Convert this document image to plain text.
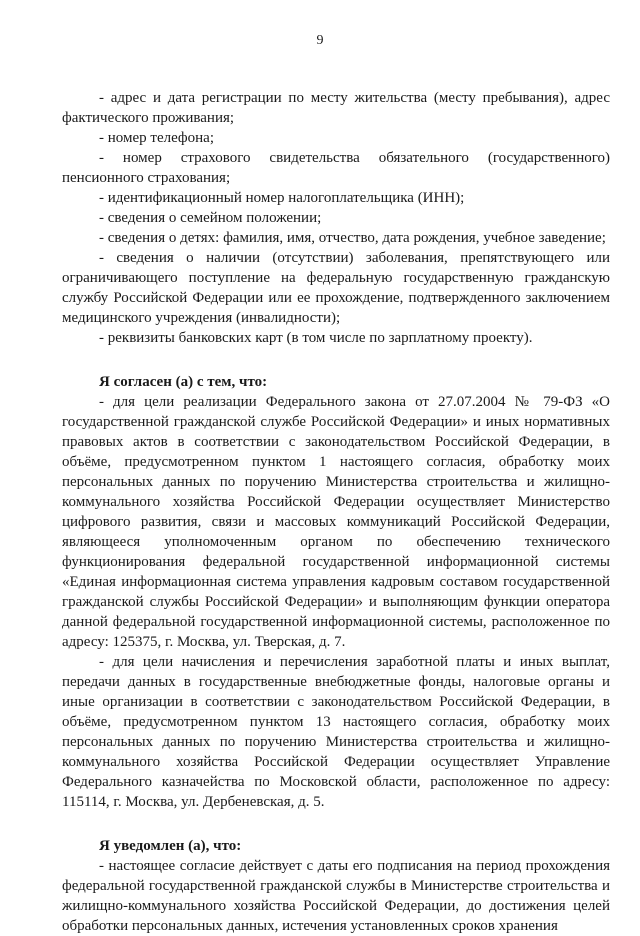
9

- адрес и дата регистрации по месту жительства (месту пребывания), адрес фактического проживания;

- номер телефона;

- номер страхового свидетельства обязательного (государственного) пенсионного страхования;

- идентификационный номер налогоплательщика (ИНН);

- сведения о семейном положении;

- сведения о детях: фамилия, имя, отчество, дата рождения, учебное заведение;

- сведения о наличии (отсутствии) заболевания, препятствующего или ограничивающего поступление на федеральную государственную гражданскую службу Российской Федерации или ее прохождение, подтвержденного заключением медицинского учреждения (инвалидности);

- реквизиты банковских карт (в том числе по зарплатному проекту).

Я согласен (а) с тем, что:

- для цели реализации Федерального закона от 27.07.2004 № 79-ФЗ «О государственной гражданской службе Российской Федерации» и иных нормативных правовых актов в соответствии с законодательством Российской Федерации, в объёме, предусмотренном пунктом 1 настоящего согласия, обработку моих персональных данных по поручению Министерства строительства и жилищно-коммунального хозяйства Российской Федерации осуществляет Министерство цифрового развития, связи и массовых коммуникаций Российской Федерации, являющееся уполномоченным органом по обеспечению технического функционирования федеральной государственной информационной системы «Единая информационная система управления кадровым составом государственной гражданской службы Российской Федерации» и выполняющим функции оператора данной федеральной государственной информационной системы, расположенное по адресу: 125375, г. Москва, ул. Тверская, д. 7.

- для цели начисления и перечисления заработной платы и иных выплат, передачи данных в государственные внебюджетные фонды, налоговые органы и иные организации в соответствии с законодательством Российской Федерации, в объёме, предусмотренном пунктом 13 настоящего согласия, обработку моих персональных данных по поручению Министерства строительства и жилищно-коммунального хозяйства Российской Федерации осуществляет Управление Федерального казначейства по Московской области, расположенное по адресу: 115114, г. Москва, ул. Дербеневская, д. 5.

Я уведомлен (а), что:

- настоящее согласие действует с даты его подписания на период прохождения федеральной государственной гражданской службы в Министерстве строительства и жилищно-коммунального хозяйства Российской Федерации, до достижения целей обработки персональных данных, истечения установленных сроков хранения
